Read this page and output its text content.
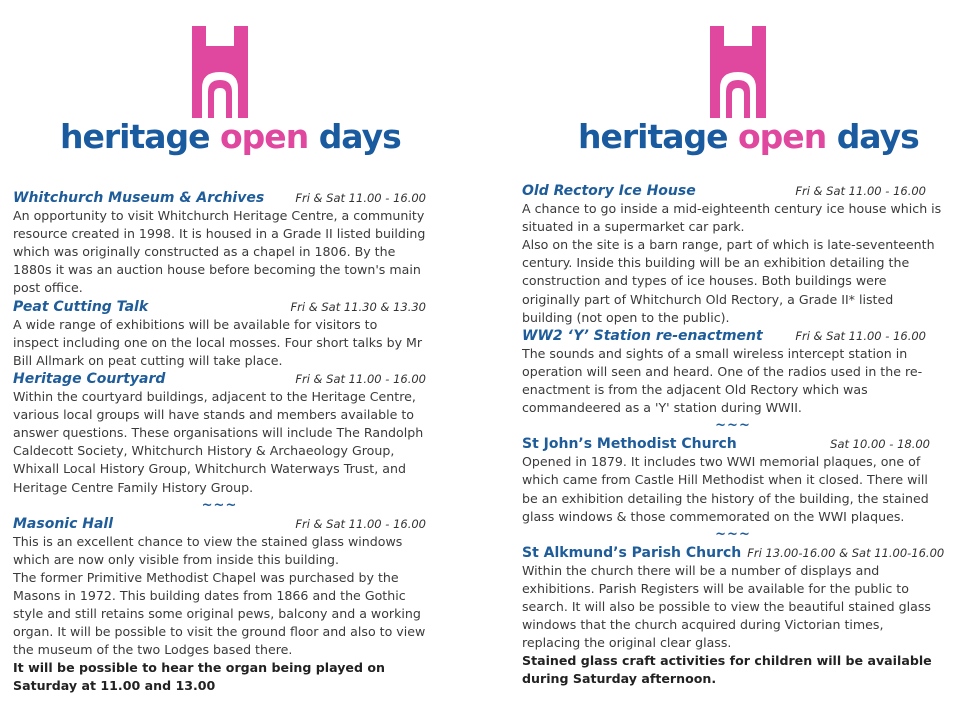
heritage open days	heritage open days
Whitchurch Museum & Archives	Fri & Sat 11.00 - 16.00

An opportunity to visit Whitchurch Heritage Centre, a community resource created in 1998. It is housed in a Grade II listed building which was originally constructed as a chapel in 1806. By the 1880s it was an auction house before becoming the town's main post office.

Peat Cutting Talk	Fri & Sat 11.30 & 13.30

A wide range of exhibitions will be available for visitors to inspect including one on the local mosses. Four short talks by Mr Bill Allmark on peat cutting will take place.

Heritage Courtyard	Fri & Sat 11.00 - 16.00

Within the courtyard buildings, adjacent to the Heritage Centre, various local groups will have stands and members available to answer questions. These organisations will include The Randolph Caldecott Society, Whitchurch History & Archaeology Group, Whixall Local History Group, Whitchurch Waterways Trust, and Heritage Centre Family History Group.

~~~
Masonic Hall	Fri & Sat 11.00 - 16.00

This is an excellent chance to view the stained glass windows which are now only visible from inside this building.

The former Primitive Methodist Chapel was purchased by the Masons in 1972. This building dates from 1866 and the Gothic style and still retains some original pews, balcony and a working organ. It will be possible to visit the ground floor and also to view the museum of the two Lodges based there.

It will be possible to hear the organ being played on Saturday at 11.00 and 13.00

Old Rectory Ice House	Fri & Sat 11.00 - 16.00

A chance to go inside a mid-eighteenth century ice house which is situated in a supermarket car park.

Also on the site is a barn range, part of which is late-seventeenth century. Inside this building will be an exhibition detailing the construction and types of ice houses. Both buildings were originally part of Whitchurch Old Rectory, a Grade II* listed building (not open to the public).

WW2 ‘Y’ Station re-enactment	Fri & Sat 11.00 - 16.00

The sounds and sights of a small wireless intercept station in operation will seen and heard. One of the radios used in the re-enactment is from the adjacent Old Rectory which was commandeered as a 'Y' station during WWII.

~~~
St John’s Methodist Church	Sat 10.00 - 18.00

Opened in 1879. It includes two WWI memorial plaques, one of which came from Castle Hill Methodist when it closed. There will be an exhibition detailing the history of the building, the stained glass windows & those commemorated on the WWI plaques.

~~~
St Alkmund’s Parish Church Fri 13.00-16.00 & Sat 11.00-16.00

Within the church there will be a number of displays and exhibitions. Parish Registers will be available for the public to search. It will also be possible to view the beautiful stained glass windows that the church acquired during Victorian times, replacing the original clear glass.

Stained glass craft activities for children will be available during Saturday afternoon.
